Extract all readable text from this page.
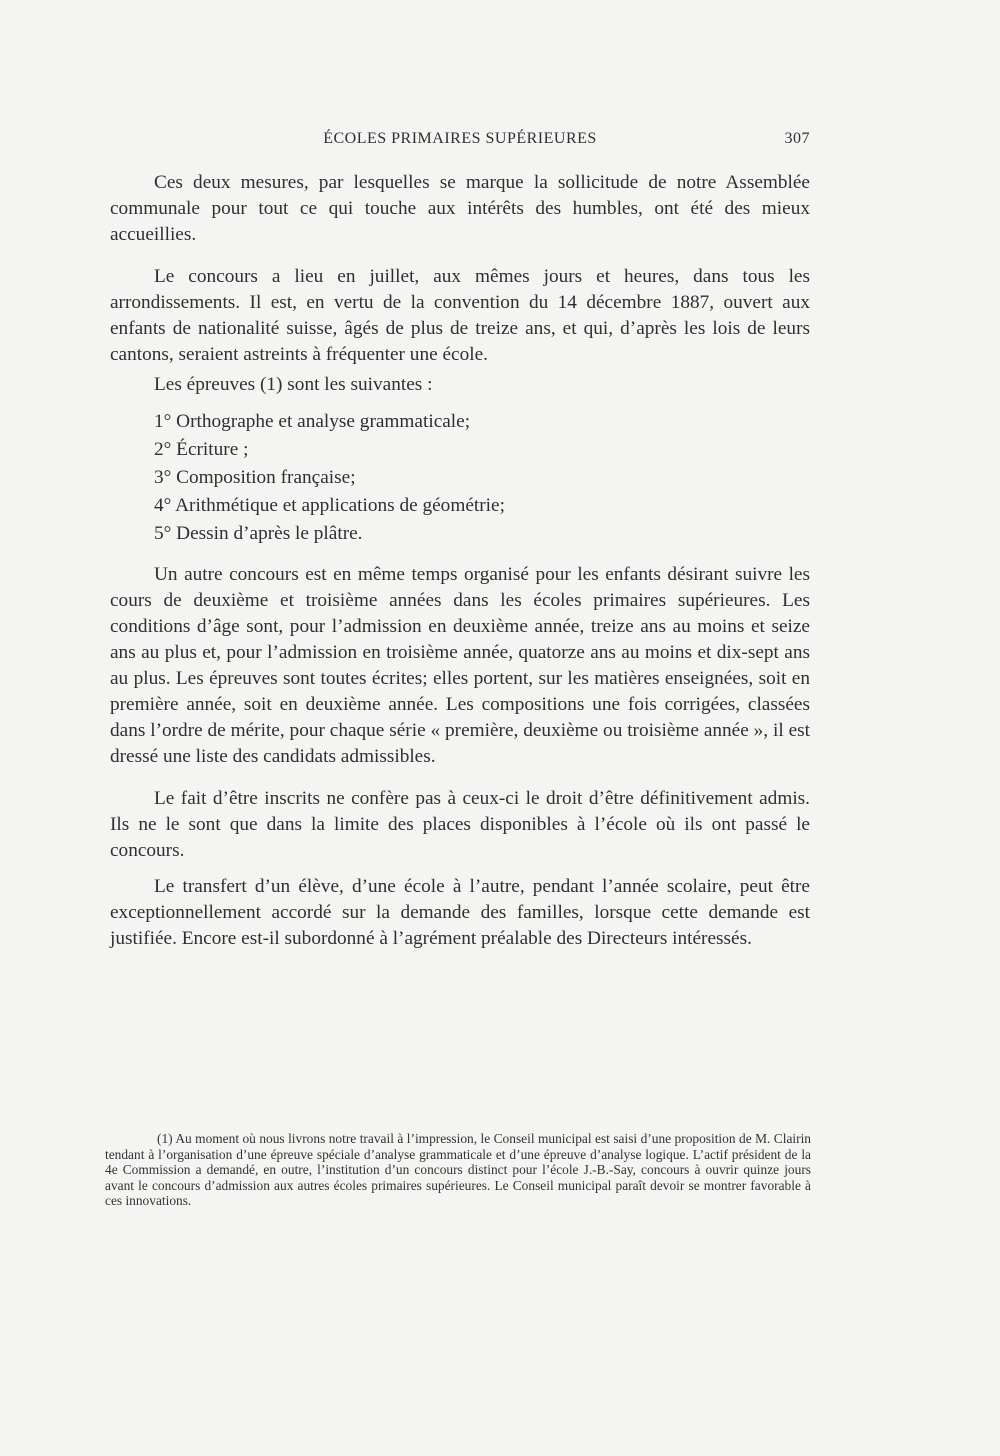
ÉCOLES PRIMAIRES SUPÉRIEURES	307

Ces deux mesures, par lesquelles se marque la sollicitude de notre Assemblée communale pour tout ce qui touche aux intérêts des humbles, ont été des mieux accueillies.

Le concours a lieu en juillet, aux mêmes jours et heures, dans tous les arrondissements. Il est, en vertu de la convention du 14 décembre 1887, ouvert aux enfants de nationalité suisse, âgés de plus de treize ans, et qui, d’après les lois de leurs cantons, seraient astreints à fréquenter une école.

Les épreuves (1) sont les suivantes :

1° Orthographe et analyse grammaticale;
2° Écriture ;
3° Composition française;
4° Arithmétique et applications de géométrie;
5° Dessin d’après le plâtre.

Un autre concours est en même temps organisé pour les enfants désirant suivre les cours de deuxième et troisième années dans les écoles primaires supérieures. Les conditions d’âge sont, pour l’admission en deuxième année, treize ans au moins et seize ans au plus et, pour l’admission en troisième année, quatorze ans au moins et dix-sept ans au plus. Les épreuves sont toutes écrites; elles portent, sur les matières enseignées, soit en première année, soit en deuxième année. Les compositions une fois corrigées, classées dans l’ordre de mérite, pour chaque série « première, deuxième ou troisième année », il est dressé une liste des candidats admissibles.

Le fait d’être inscrits ne confère pas à ceux-ci le droit d’être définitivement admis. Ils ne le sont que dans la limite des places disponibles à l’école où ils ont passé le concours.

Le transfert d’un élève, d’une école à l’autre, pendant l’année scolaire, peut être exceptionnellement accordé sur la demande des familles, lorsque cette demande est justifiée. Encore est-il subordonné à l’agrément préalable des Directeurs intéressés.

(1) Au moment où nous livrons notre travail à l’impression, le Conseil municipal est saisi d’une proposition de M. Clairin tendant à l’organisation d’une épreuve spéciale d’analyse grammaticale et d’une épreuve d’analyse logique. L’actif président de la 4e Commission a demandé, en outre, l’institution d’un concours distinct pour l’école J.-B.-Say, concours à ouvrir quinze jours avant le concours d’admission aux autres écoles primaires supérieures. Le Conseil municipal paraît devoir se montrer favorable à ces innovations.
